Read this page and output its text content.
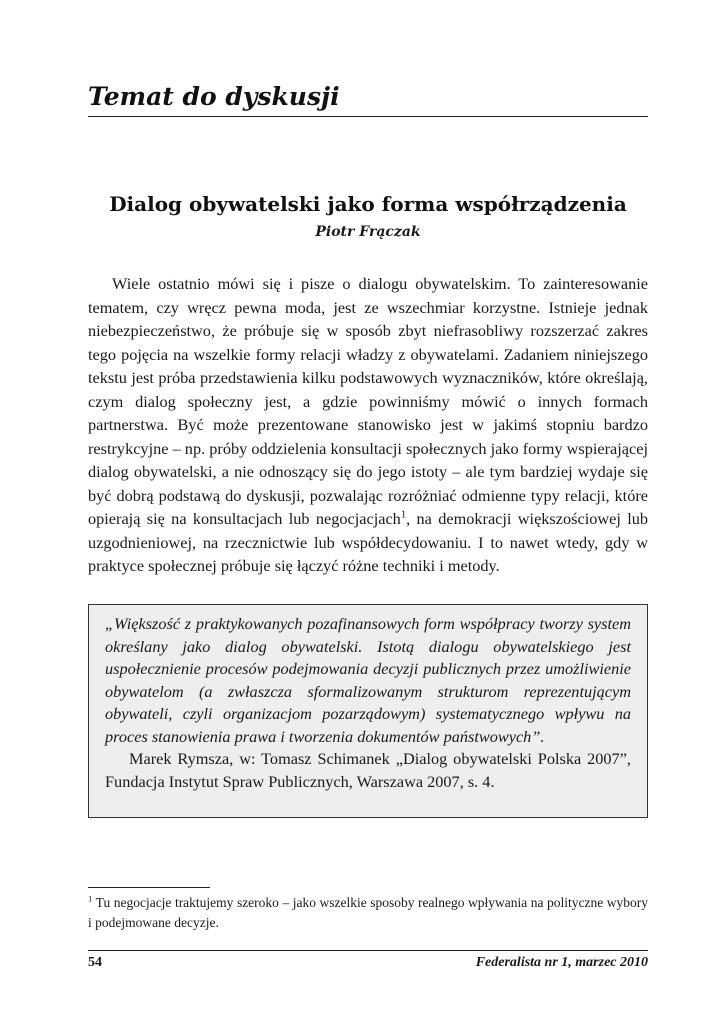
Temat do dyskusji
Dialog obywatelski jako forma współrządzenia

Piotr Frączak

Wiele ostatnio mówi się i pisze o dialogu obywatelskim. To zainteresowanie tematem, czy wręcz pewna moda, jest ze wszechmiar korzystne. Istnieje jednak niebezpieczeństwo, że próbuje się w sposób zbyt niefrasobliwy rozszerzać zakres tego pojęcia na wszelkie formy relacji władzy z obywatelami. Zadaniem niniejszego tekstu jest próba przedstawienia kilku podstawowych wyznaczników, które określają, czym dialog społeczny jest, a gdzie powinniśmy mówić o innych formach partnerstwa. Być może prezentowane stanowisko jest w jakimś stopniu bardzo restrykcyjne – np. próby oddzielenia konsultacji społecznych jako formy wspierającej dialog obywatelski, a nie odnoszący się do jego istoty – ale tym bardziej wydaje się być dobrą podstawą do dyskusji, pozwalając rozróżniać odmienne typy relacji, które opierają się na konsultacjach lub negocjacjach$^1$, na demokracji większościowej lub uzgodnieniowej, na rzecznictwie lub współdecydowaniu. I to nawet wtedy, gdy w praktyce społecznej próbuje się łączyć różne techniki i metody.

„Większość z praktykowanych pozafinansowych form współpracy tworzy system określany jako dialog obywatelski. Istotą dialogu obywatelskiego jest uspołecznienie procesów podejmowania decyzji publicznych przez umożliwienie obywatelom (a zwłaszcza sformalizowanym strukturom reprezentującym obywateli, czyli organizacjom pozarządowym) systematycznego wpływu na proces stanowienia prawa i tworzenia dokumentów państwowych”.

Marek Rymsza, w: Tomasz Schimanek „Dialog obywatelski Polska 2007”, Fundacja Instytut Spraw Publicznych, Warszawa 2007, s. 4.

$^1$ Tu negocjacje traktujemy szeroko – jako wszelkie sposoby realnego wpływania na polityczne wybory i podejmowane decyzje.

54	Federalista nr 1, marzec 2010
